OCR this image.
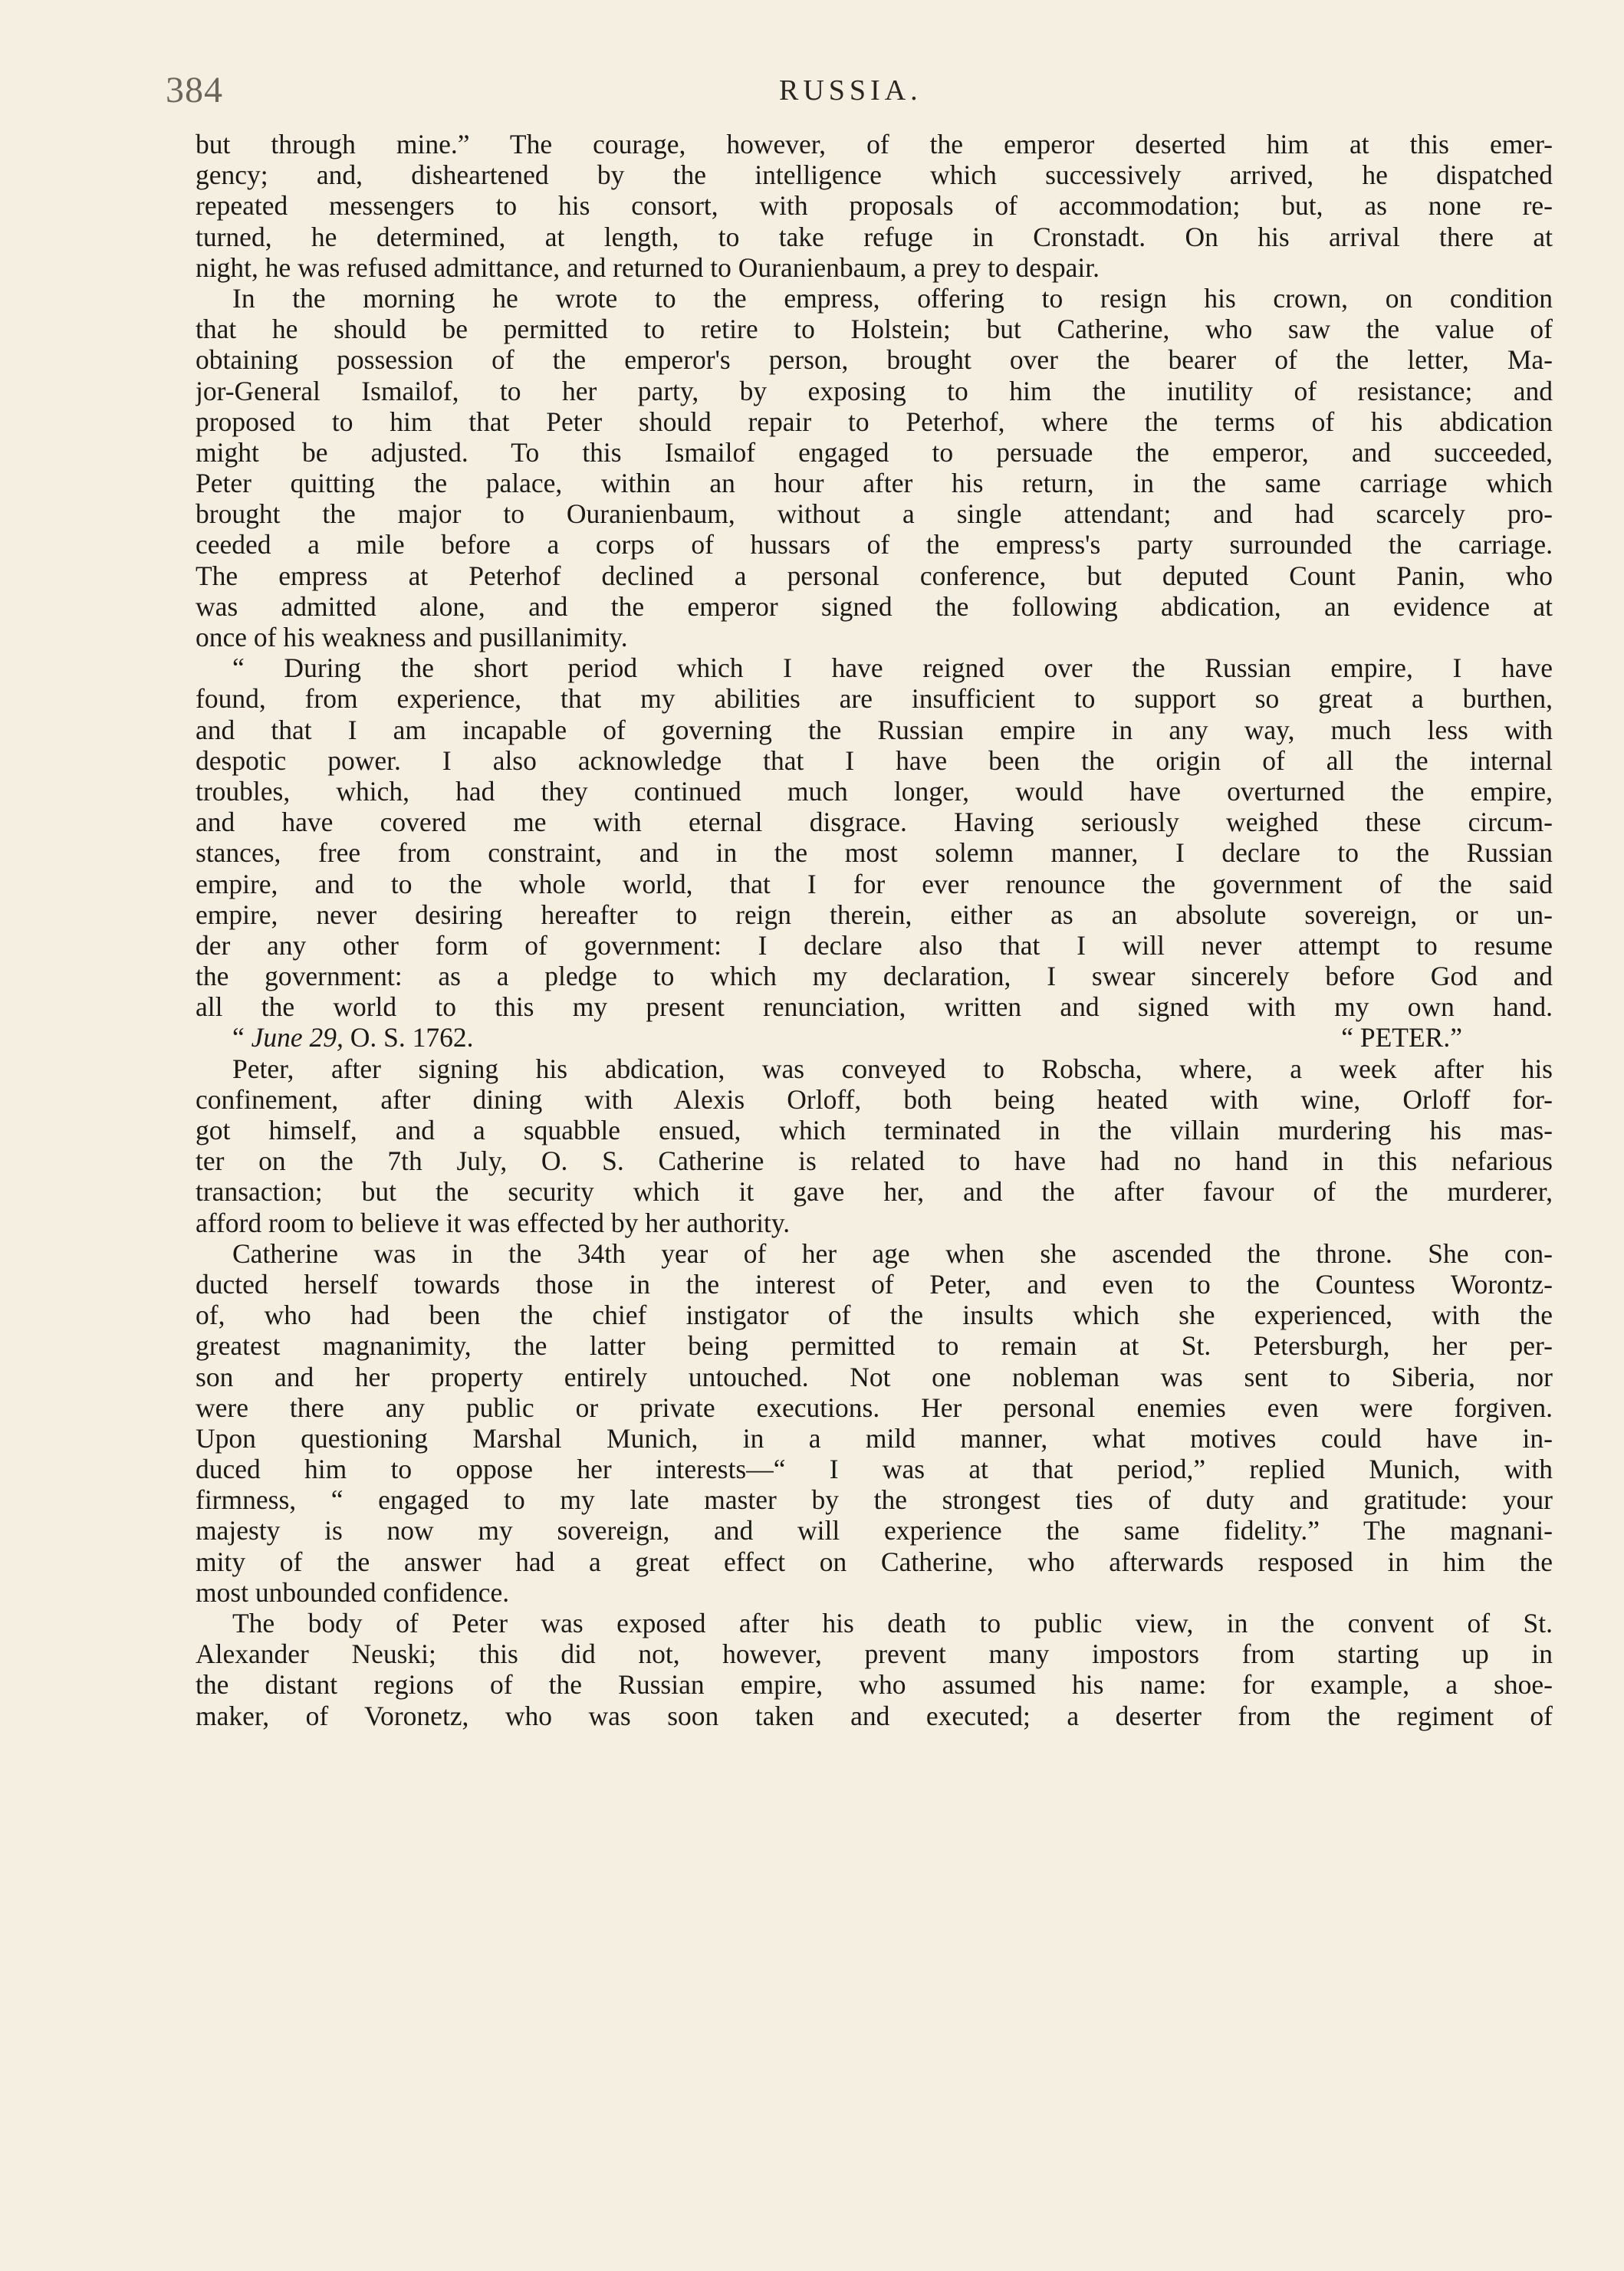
384	RUSSIA.
but through mine.” The courage, however, of the emperor deserted him at this emer-
gency; and, disheartened by the intelligence which successively arrived, he dispatched
repeated messengers to his consort, with proposals of accommodation; but, as none re-
turned, he determined, at length, to take refuge in Cronstadt. On his arrival there at
night, he was refused admittance, and returned to Ouranienbaum, a prey to despair.
In the morning he wrote to the empress, offering to resign his crown, on condition
that he should be permitted to retire to Holstein; but Catherine, who saw the value of
obtaining possession of the emperor's person, brought over the bearer of the letter, Ma-
jor-General Ismailof, to her party, by exposing to him the inutility of resistance; and
proposed to him that Peter should repair to Peterhof, where the terms of his abdication
might be adjusted. To this Ismailof engaged to persuade the emperor, and succeeded,
Peter quitting the palace, within an hour after his return, in the same carriage which
brought the major to Ouranienbaum, without a single attendant; and had scarcely pro-
ceeded a mile before a corps of hussars of the empress's party surrounded the carriage.
The empress at Peterhof declined a personal conference, but deputed Count Panin, who
was admitted alone, and the emperor signed the following abdication, an evidence at
once of his weakness and pusillanimity.
“ During the short period which I have reigned over the Russian empire, I have
found, from experience, that my abilities are insufficient to support so great a burthen,
and that I am incapable of governing the Russian empire in any way, much less with
despotic power. I also acknowledge that I have been the origin of all the internal
troubles, which, had they continued much longer, would have overturned the empire,
and have covered me with eternal disgrace. Having seriously weighed these circum-
stances, free from constraint, and in the most solemn manner, I declare to the Russian
empire, and to the whole world, that I for ever renounce the government of the said
empire, never desiring hereafter to reign therein, either as an absolute sovereign, or un-
der any other form of government: I declare also that I will never attempt to resume
the government: as a pledge to which my declaration, I swear sincerely before God and
all the world to this my present renunciation, written and signed with my own hand.
“ June 29, O. S. 1762.	“ PETER.”
Peter, after signing his abdication, was conveyed to Robscha, where, a week after his
confinement, after dining with Alexis Orloff, both being heated with wine, Orloff for-
got himself, and a squabble ensued, which terminated in the villain murdering his mas-
ter on the 7th July, O. S. Catherine is related to have had no hand in this nefarious
transaction; but the security which it gave her, and the after favour of the murderer,
afford room to believe it was effected by her authority.
Catherine was in the 34th year of her age when she ascended the throne. She con-
ducted herself towards those in the interest of Peter, and even to the Countess Worontz-
of, who had been the chief instigator of the insults which she experienced, with the
greatest magnanimity, the latter being permitted to remain at St. Petersburgh, her per-
son and her property entirely untouched. Not one nobleman was sent to Siberia, nor
were there any public or private executions. Her personal enemies even were forgiven.
Upon questioning Marshal Munich, in a mild manner, what motives could have in-
duced him to oppose her interests—“ I was at that period,” replied Munich, with
firmness, “ engaged to my late master by the strongest ties of duty and gratitude: your
majesty is now my sovereign, and will experience the same fidelity.” The magnani-
mity of the answer had a great effect on Catherine, who afterwards resposed in him the
most unbounded confidence.
The body of Peter was exposed after his death to public view, in the convent of St.
Alexander Neuski; this did not, however, prevent many impostors from starting up in
the distant regions of the Russian empire, who assumed his name: for example, a shoe-
maker, of Voronetz, who was soon taken and executed; a deserter from the regiment of
